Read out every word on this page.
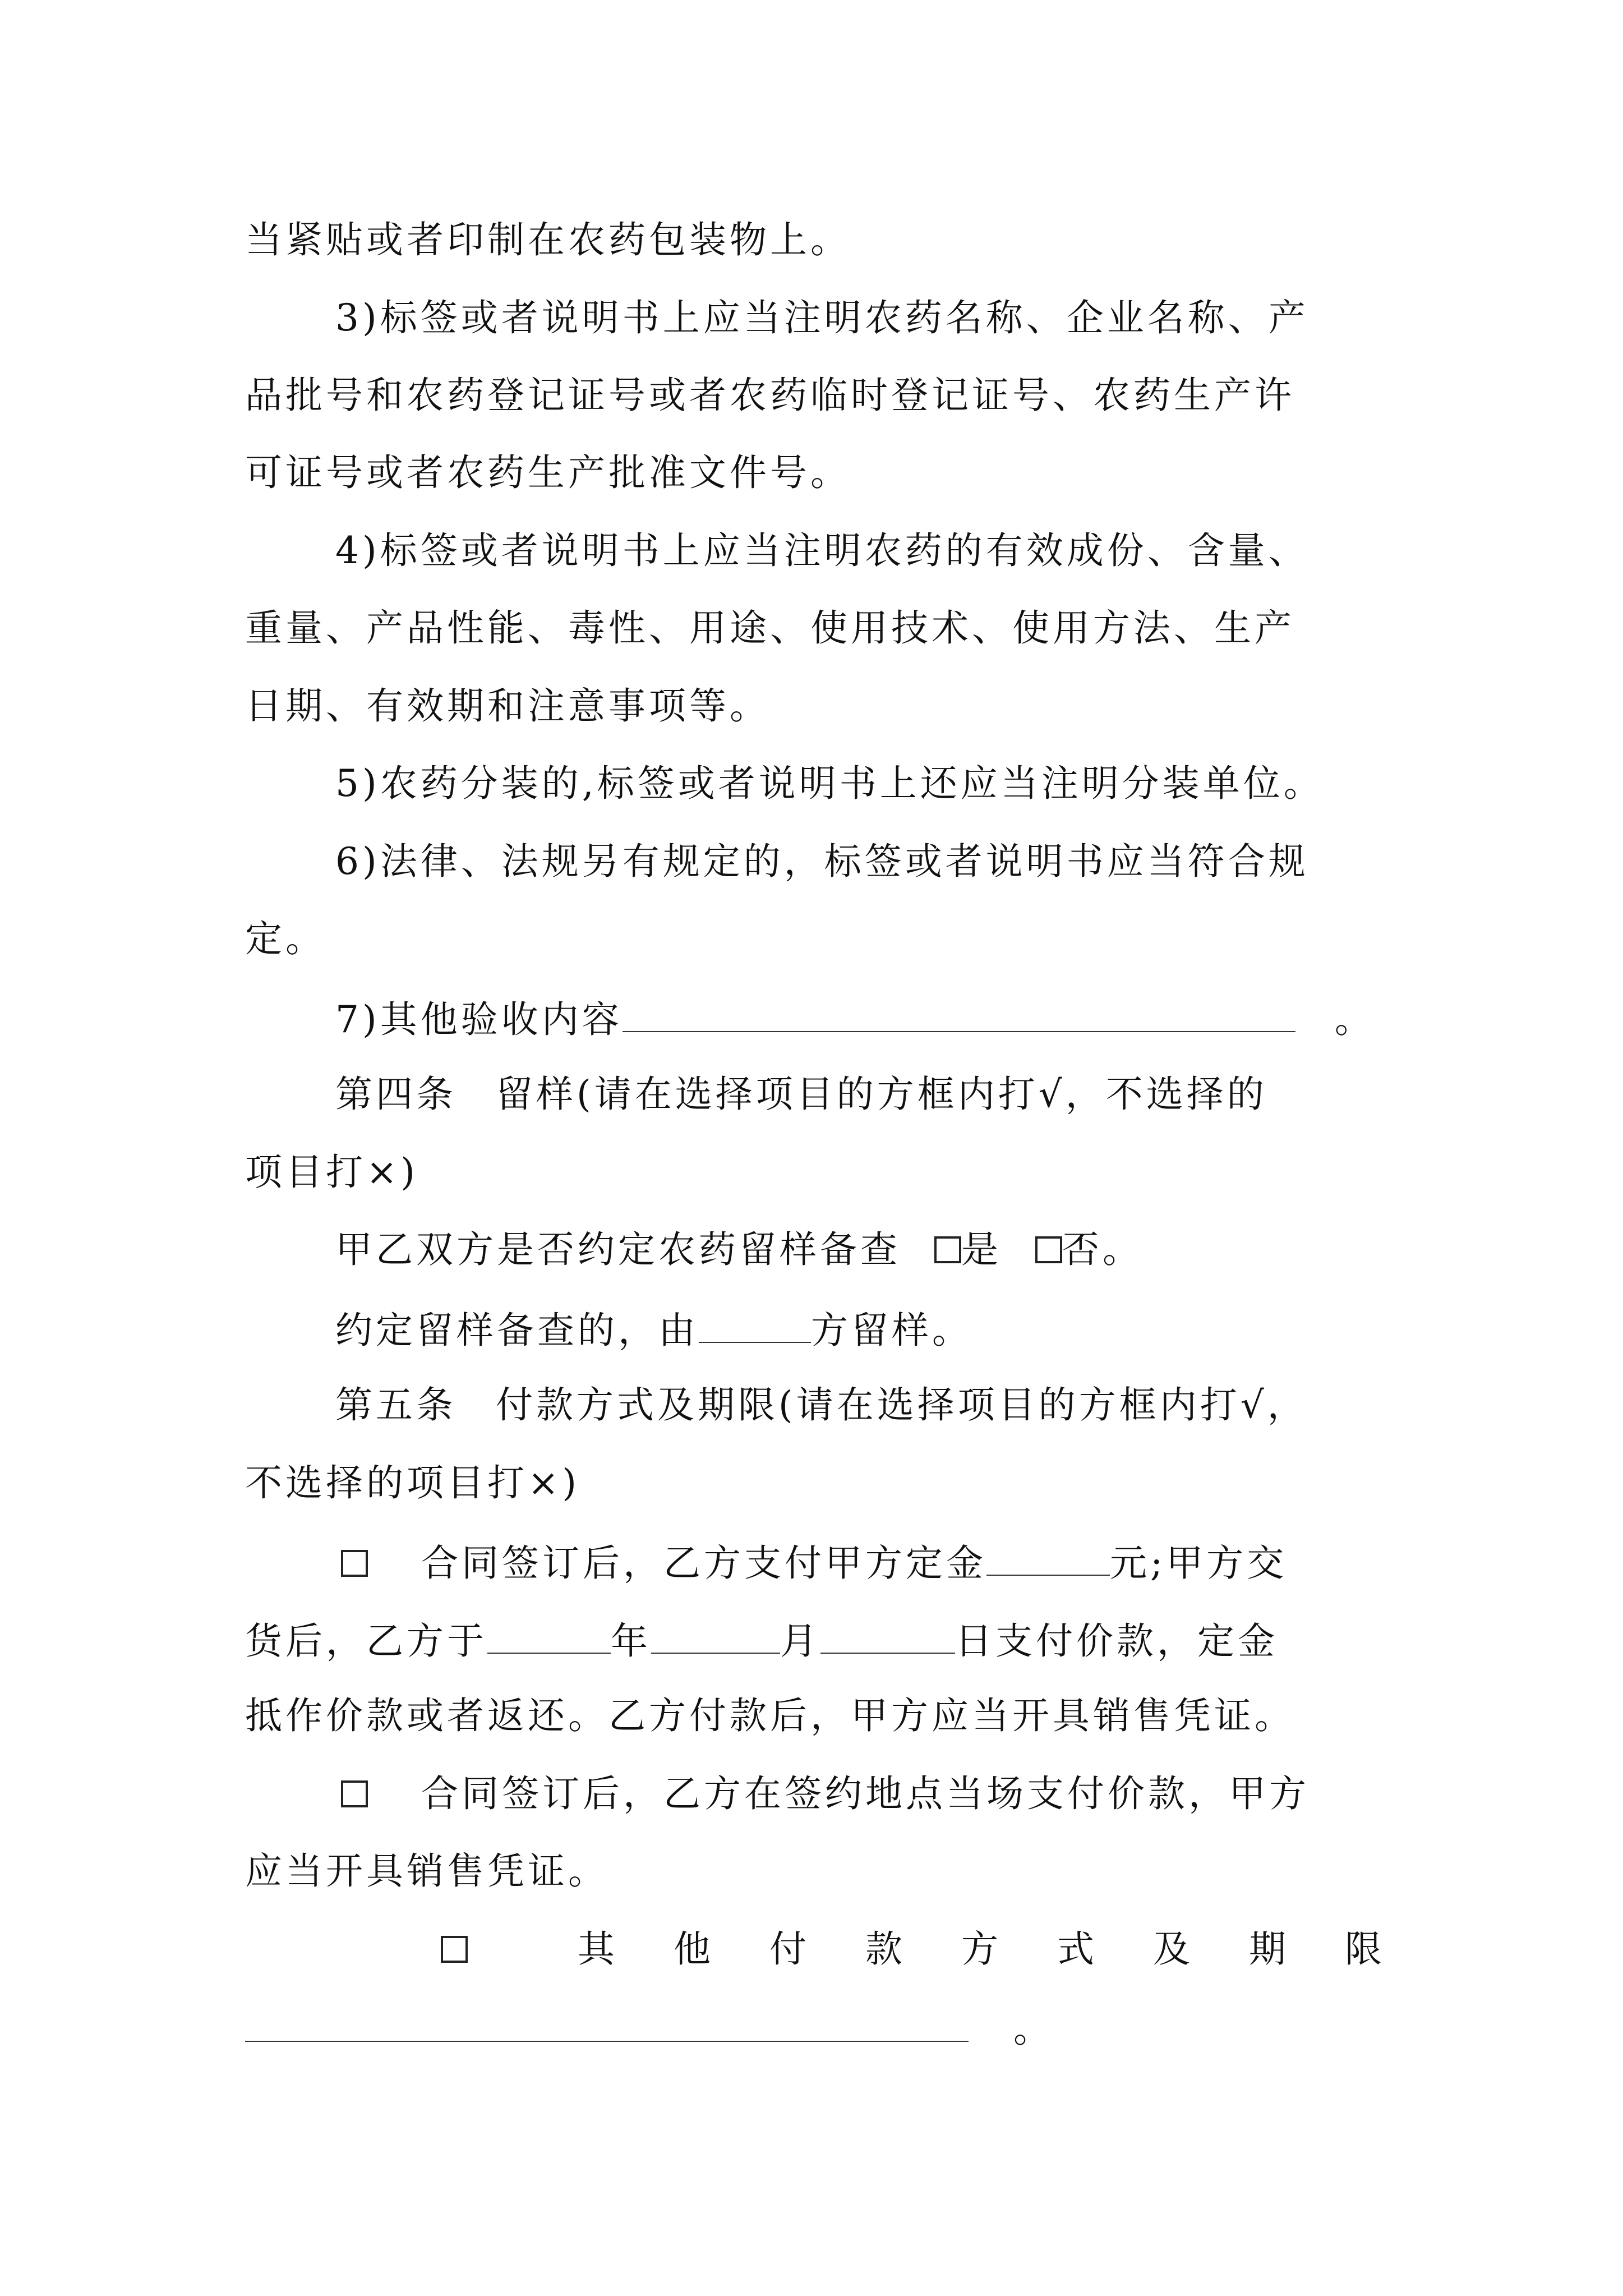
当紧贴或者印制在农药包装物上。
3)标签或者说明书上应当注明农药名称、企业名称、产
品批号和农药登记证号或者农药临时登记证号、农药生产许
可证号或者农药生产批准文件号。
4)标签或者说明书上应当注明农药的有效成份、含量、
重量、产品性能、毒性、用途、使用技术、使用方法、生产
日期、有效期和注意事项等。
5)农药分装的,标签或者说明书上还应当注明分装单位。
6)法律、法规另有规定的，标签或者说明书应当符合规
定。
7)其他验收内容	。
第四条 留样(请在选择项目的方框内打√，不选择的
项目打×)
甲乙双方是否约定农药留样备查 是 否。
约定留样备查的，由	方留样。
第五条 付款方式及期限(请在选择项目的方框内打√，
不选择的项目打×)
合同签订后，乙方支付甲方定金	元;甲方交
货后，乙方于	年	月	日支付价款，定金
抵作价款或者返还。乙方付款后，甲方应当开具销售凭证。
合同签订后，乙方在签约地点当场支付价款，甲方
应当开具销售凭证。
其 他 付 款 方 式 及 期 限
。
